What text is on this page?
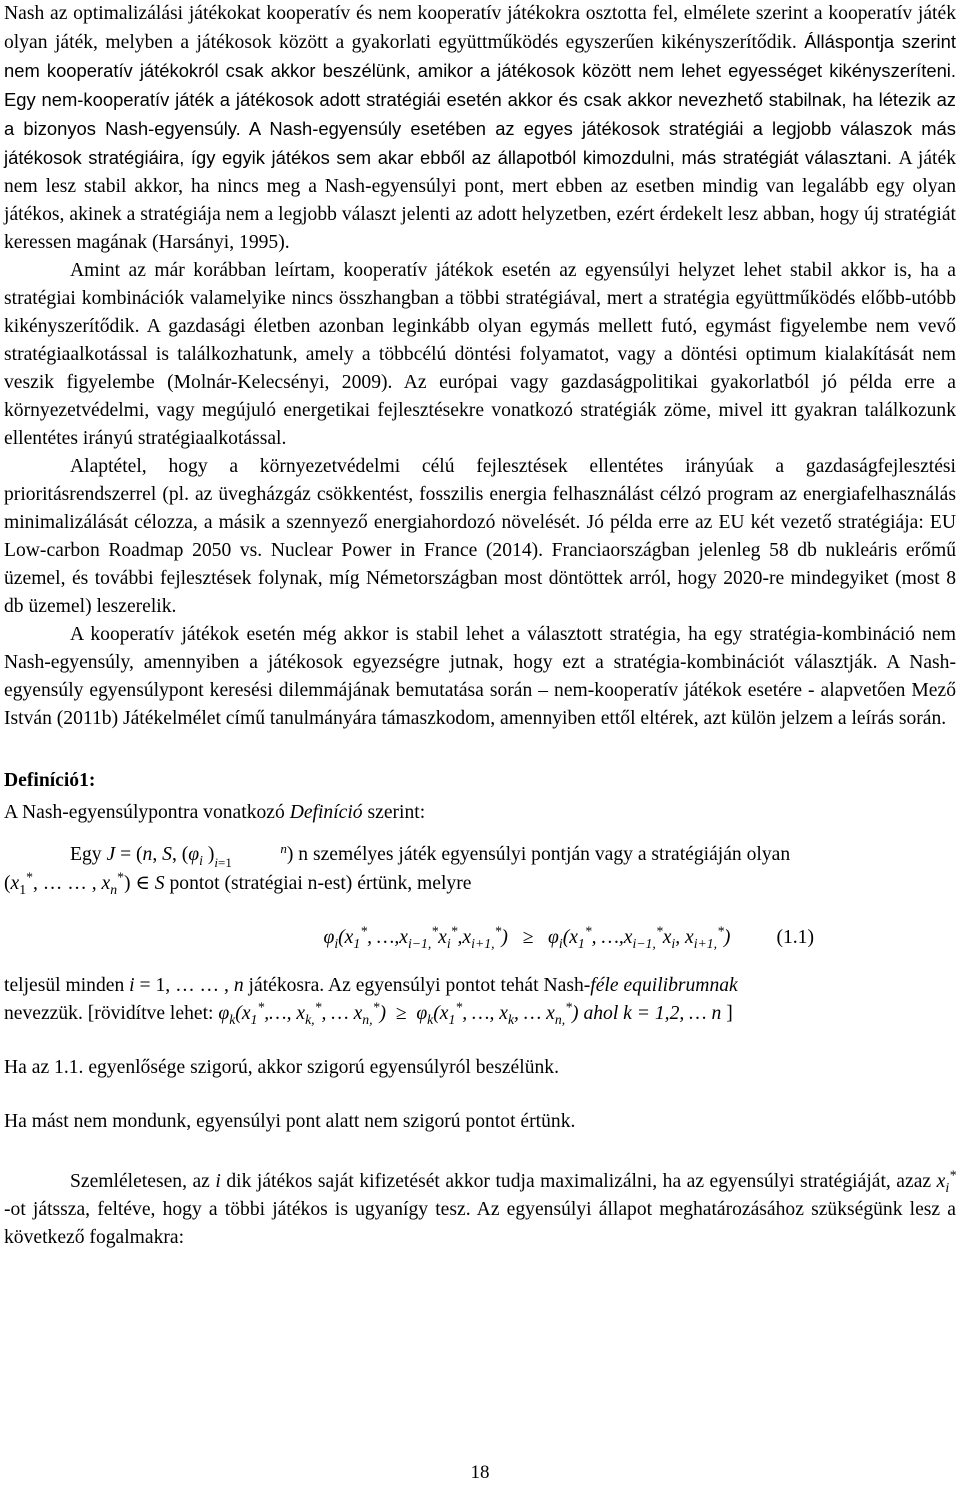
Nash az optimalizálási játékokat kooperatív és nem kooperatív játékokra osztotta fel, elmélete szerint a kooperatív játék olyan játék, melyben a játékosok között a gyakorlati együttműködés egyszerűen kikényszerítődik. Álláspontja szerint nem kooperatív játékokról csak akkor beszélünk, amikor a játékosok között nem lehet egyességet kikényszeríteni. Egy nem-kooperatív játék a játékosok adott stratégiái esetén akkor és csak akkor nevezhető stabilnak, ha létezik az a bizonyos Nash-egyensúly. A Nash-egyensúly esetében az egyes játékosok stratégiái a legjobb válaszok más játékosok stratégiáira, így egyik játékos sem akar ebből az állapotból kimozdulni, más stratégiát választani. A játék nem lesz stabil akkor, ha nincs meg a Nash-egyensúlyi pont, mert ebben az esetben mindig van legalább egy olyan játékos, akinek a stratégiája nem a legjobb választ jelenti az adott helyzetben, ezért érdekelt lesz abban, hogy új stratégiát keressen magának (Harsányi, 1995).

Amint az már korábban leírtam, kooperatív játékok esetén az egyensúlyi helyzet lehet stabil akkor is, ha a stratégiai kombinációk valamelyike nincs összhangban a többi stratégiával, mert a stratégia együttműködés előbb-utóbb kikényszerítődik. A gazdasági életben azonban leginkább olyan egymás mellett futó, egymást figyelembe nem vevő stratégiaalkotással is találkozhatunk, amely a többcélú döntési folyamatot, vagy a döntési optimum kialakítását nem veszik figyelembe (Molnár-Kelecsényi, 2009). Az európai vagy gazdaságpolitikai gyakorlatból jó példa erre a környezetvédelmi, vagy megújuló energetikai fejlesztésekre vonatkozó stratégiák zöme, mivel itt gyakran találkozunk ellentétes irányú stratégiaalkotással.

Alaptétel, hogy a környezetvédelmi célú fejlesztések ellentétes irányúak a gazdaságfejlesztési prioritásrendszerrel (pl. az üvegházgáz csökkentést, fosszilis energia felhasználást célzó program az energiafelhasználás minimalizálását célozza, a másik a szennyező energiahordozó növelését. Jó példa erre az EU két vezető stratégiája: EU Low-carbon Roadmap 2050 vs. Nuclear Power in France (2014). Franciaországban jelenleg 58 db nukleáris erőmű üzemel, és további fejlesztések folynak, míg Németországban most döntöttek arról, hogy 2020-re mindegyiket (most 8 db üzemel) leszerelik.

A kooperatív játékok esetén még akkor is stabil lehet a választott stratégia, ha egy stratégia-kombináció nem Nash-egyensúly, amennyiben a játékosok egyezségre jutnak, hogy ezt a stratégia-kombinációt választják. A Nash-egyensúly egyensúlypont keresési dilemmájának bemutatása során – nem-kooperatív játékok esetére - alapvetően Mező István (2011b) Játékelmélet című tanulmányára támaszkodom, amennyiben ettől eltérek, azt külön jelzem a leírás során.

Definíció1:

A Nash-egyensúlypontra vonatkozó Definíció szerint:

Egy J = (n, S, ($\varphi_i$ )	n
i=1	) n személyes játék egyensúlyi pontján vagy a stratégiáján olyan
($x_1^*$, … … , $x_n^*$) ∈ S pontot (stratégiai n-est) értünk, melyre

$\varphi_i(x_1^*$, $\dots,x_{i-1,}^*x_i^*,x_{i+1,}^*) \ge \varphi_i(x_1^*$, $\dots,x_{i-1,}^*x_i$, $x_{i+1,}^*$) (1.1)

teljesül minden i = 1, … … , n játékosra. Az egyensúlyi pontot tehát Nash-féle equilibrumnak
nevezzük. [rövidítve lehet: $\varphi_k(x_1^*,\dots$, $x_{k,}^*$, … $x_{n,}^*) \ge \varphi_k(x_1^*$, …, $x_k$, … $x_{n,}^*$) ahol k = 1,2, … n ]

Ha az 1.1. egyenlősége szigorú, akkor szigorú egyensúlyról beszélünk.

Ha mást nem mondunk, egyensúlyi pont alatt nem szigorú pontot értünk.

Szemléletesen, az i dik játékos saját kifizetését akkor tudja maximalizálni, ha az egyensúlyi stratégiáját, azaz $x_i^*$ -ot játssza, feltéve, hogy a többi játékos is ugyanígy tesz. Az egyensúlyi állapot meghatározásához szükségünk lesz a következő fogalmakra:

18
